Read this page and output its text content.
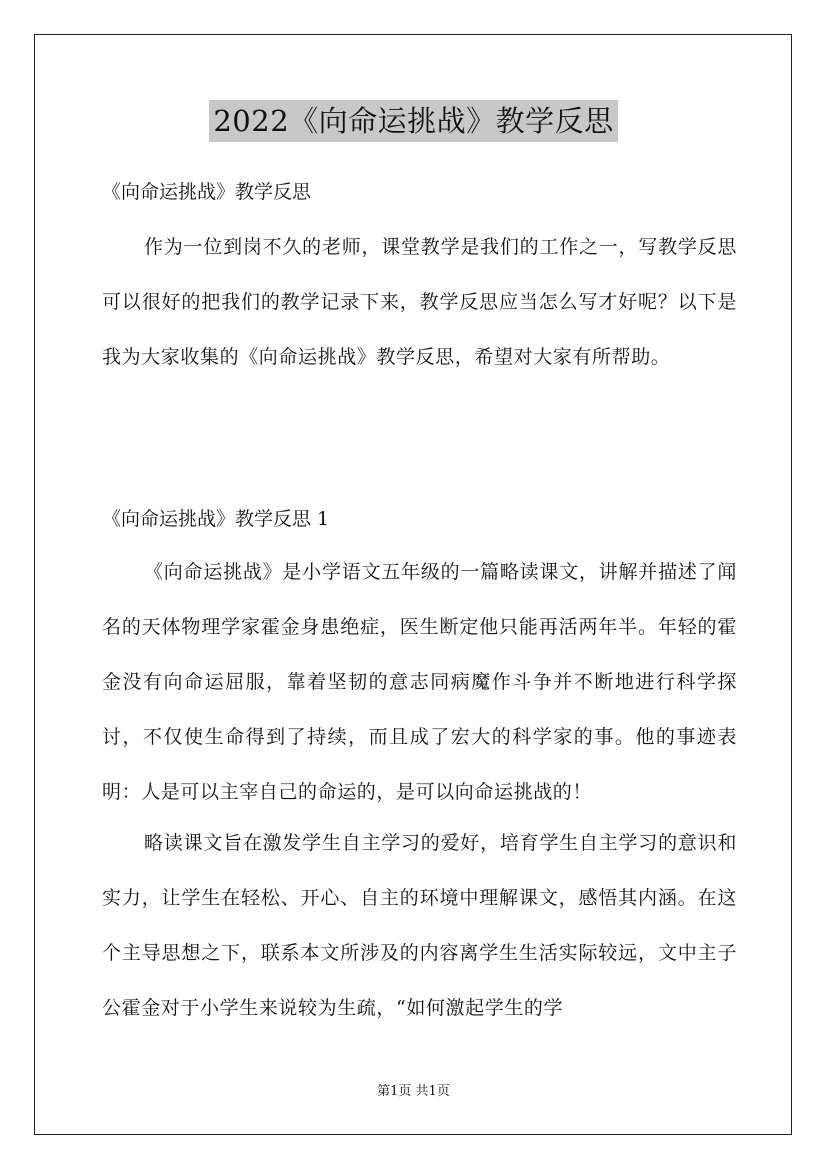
2022《向命运挑战》教学反思
《向命运挑战》教学反思

作为一位到岗不久的老师，课堂教学是我们的工作之一，写教学反思可以很好的把我们的教学记录下来，教学反思应当怎么写才好呢？以下是我为大家收集的《向命运挑战》教学反思，希望对大家有所帮助。

《向命运挑战》教学反思 1

《向命运挑战》是小学语文五年级的一篇略读课文，讲解并描述了闻名的天体物理学家霍金身患绝症，医生断定他只能再活两年半。年轻的霍金没有向命运屈服，靠着坚韧的意志同病魔作斗争并不断地进行科学探讨，不仅使生命得到了持续，而且成了宏大的科学家的事。他的事迹表明：人是可以主宰自己的命运的，是可以向命运挑战的！

略读课文旨在激发学生自主学习的爱好，培育学生自主学习的意识和实力，让学生在轻松、开心、自主的环境中理解课文，感悟其内涵。在这个主导思想之下，联系本文所涉及的内容离学生生活实际较远，文中主子公霍金对于小学生来说较为生疏，“如何激起学生的学

第1页 共1页
